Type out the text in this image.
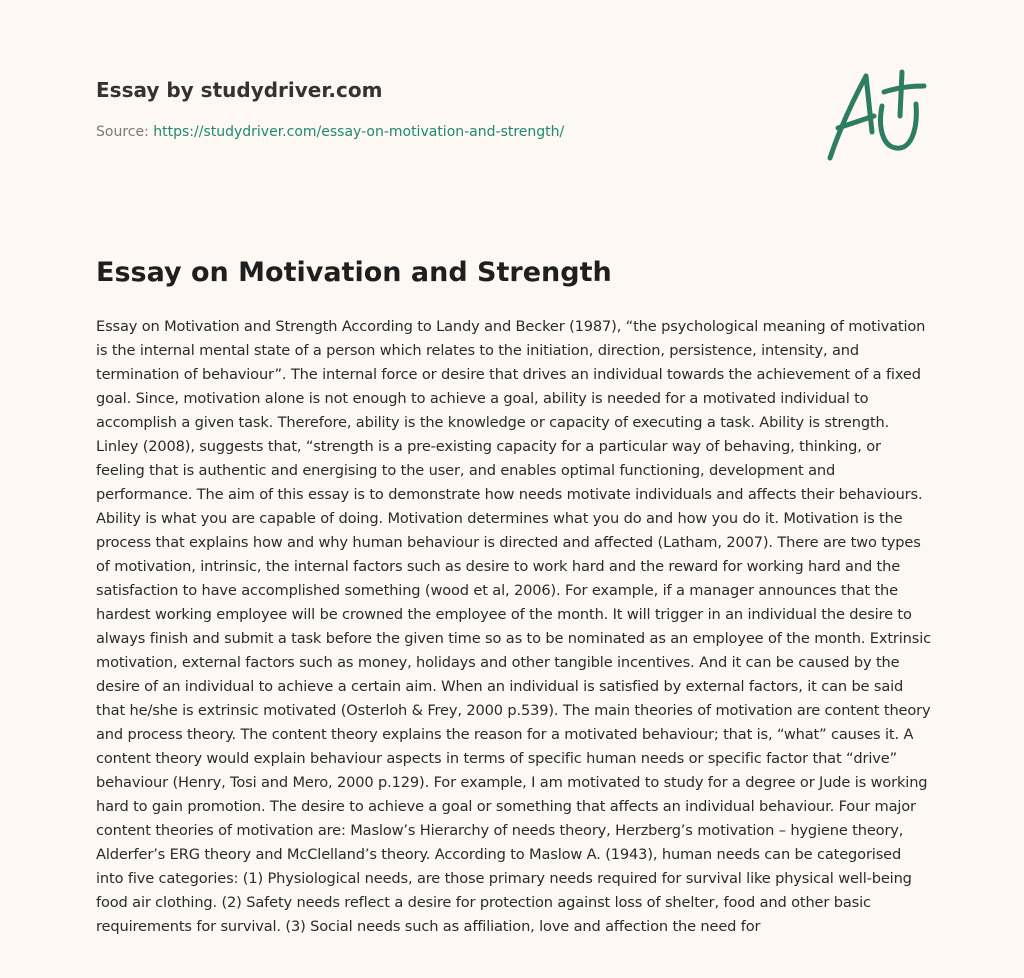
Essay by studydriver.com
Source: https://studydriver.com/essay-on-motivation-and-strength/
Essay on Motivation and Strength

Essay on Motivation and Strength According to Landy and Becker (1987), “the psychological meaning of motivation is the internal mental state of a person which relates to the initiation, direction, persistence, intensity, and termination of behaviour”. The internal force or desire that drives an individual towards the achievement of a fixed goal. Since, motivation alone is not enough to achieve a goal, ability is needed for a motivated individual to accomplish a given task. Therefore, ability is the knowledge or capacity of executing a task. Ability is strength. Linley (2008), suggests that, “strength is a pre-existing capacity for a particular way of behaving, thinking, or feeling that is authentic and energising to the user, and enables optimal functioning, development and performance. The aim of this essay is to demonstrate how needs motivate individuals and affects their behaviours. Ability is what you are capable of doing. Motivation determines what you do and how you do it. Motivation is the process that explains how and why human behaviour is directed and affected (Latham, 2007). There are two types of motivation, intrinsic, the internal factors such as desire to work hard and the reward for working hard and the satisfaction to have accomplished something (wood et al, 2006). For example, if a manager announces that the hardest working employee will be crowned the employee of the month. It will trigger in an individual the desire to always finish and submit a task before the given time so as to be nominated as an employee of the month. Extrinsic motivation, external factors such as money, holidays and other tangible incentives. And it can be caused by the desire of an individual to achieve a certain aim. When an individual is satisfied by external factors, it can be said that he/she is extrinsic motivated (Osterloh & Frey, 2000 p.539). The main theories of motivation are content theory and process theory. The content theory explains the reason for a motivated behaviour; that is, “what” causes it. A content theory would explain behaviour aspects in terms of specific human needs or specific factor that “drive” behaviour (Henry, Tosi and Mero, 2000 p.129). For example, I am motivated to study for a degree or Jude is working hard to gain promotion. The desire to achieve a goal or something that affects an individual behaviour. Four major content theories of motivation are: Maslow’s Hierarchy of needs theory, Herzberg’s motivation – hygiene theory, Alderfer’s ERG theory and McClelland’s theory. According to Maslow A. (1943), human needs can be categorised into five categories: (1) Physiological needs, are those primary needs required for survival like physical well-being food air clothing. (2) Safety needs reflect a desire for protection against loss of shelter, food and other basic requirements for survival. (3) Social needs such as affiliation, love and affection the need for
